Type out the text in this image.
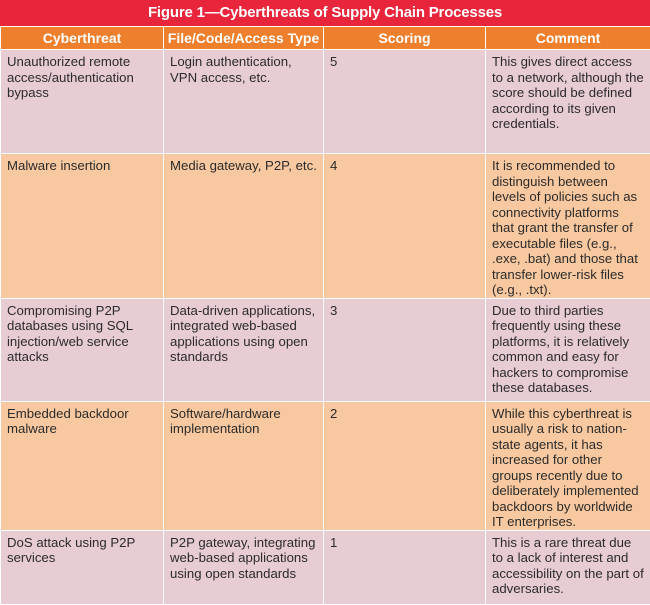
Figure 1—Cyberthreats of Supply Chain Processes
Cyberthreat	File/Code/Access Type	Scoring	Comment
Unauthorized remote access/authentication bypass	Login authentication, VPN access, etc.	5	This gives direct access to a network, although the score should be defined according to its given credentials.
Malware insertion	Media gateway, P2P, etc.	4	It is recommended to distinguish between levels of policies such as connectivity platforms that grant the transfer of executable files (e.g., .exe, .bat) and those that transfer lower-risk files (e.g., .txt).
Compromising P2P databases using SQL injection/web service attacks	Data-driven applications, integrated web-based applications using open standards	3	Due to third parties frequently using these platforms, it is relatively common and easy for hackers to compromise these databases.
Embedded backdoor malware	Software/hardware implementation	2	While this cyberthreat is usually a risk to nation-state agents, it has increased for other groups recently due to deliberately implemented backdoors by worldwide IT enterprises.
DoS attack using P2P services	P2P gateway, integrating web-based applications using open standards	1	This is a rare threat due to a lack of interest and accessibility on the part of adversaries.
